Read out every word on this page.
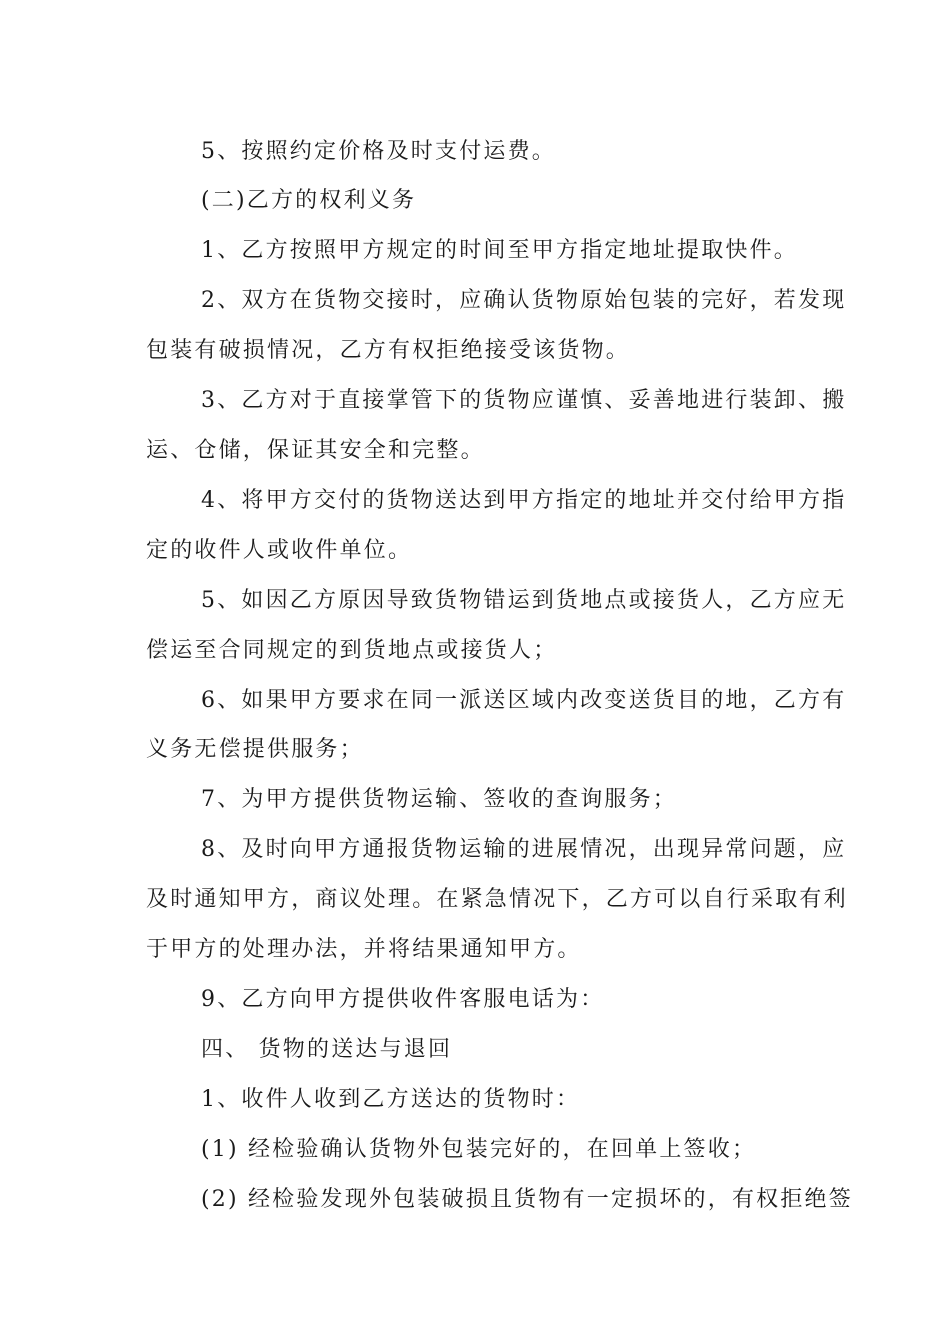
5、按照约定价格及时支付运费。

(二)乙方的权利义务

1、乙方按照甲方规定的时间至甲方指定地址提取快件。

2、双方在货物交接时，应确认货物原始包装的完好，若发现

包装有破损情况，乙方有权拒绝接受该货物。

3、乙方对于直接掌管下的货物应谨慎、妥善地进行装卸、搬

运、仓储，保证其安全和完整。

4、将甲方交付的货物送达到甲方指定的地址并交付给甲方指

定的收件人或收件单位。

5、如因乙方原因导致货物错运到货地点或接货人，乙方应无

偿运至合同规定的到货地点或接货人；

6、如果甲方要求在同一派送区域内改变送货目的地，乙方有

义务无偿提供服务；

7、为甲方提供货物运输、签收的查询服务；

8、及时向甲方通报货物运输的进展情况，出现异常问题，应

及时通知甲方，商议处理。在紧急情况下，乙方可以自行采取有利

于甲方的处理办法，并将结果通知甲方。

9、乙方向甲方提供收件客服电话为：

四、 货物的送达与退回

1、收件人收到乙方送达的货物时：

(1) 经检验确认货物外包装完好的，在回单上签收；

(2) 经检验发现外包装破损且货物有一定损坏的，有权拒绝签
